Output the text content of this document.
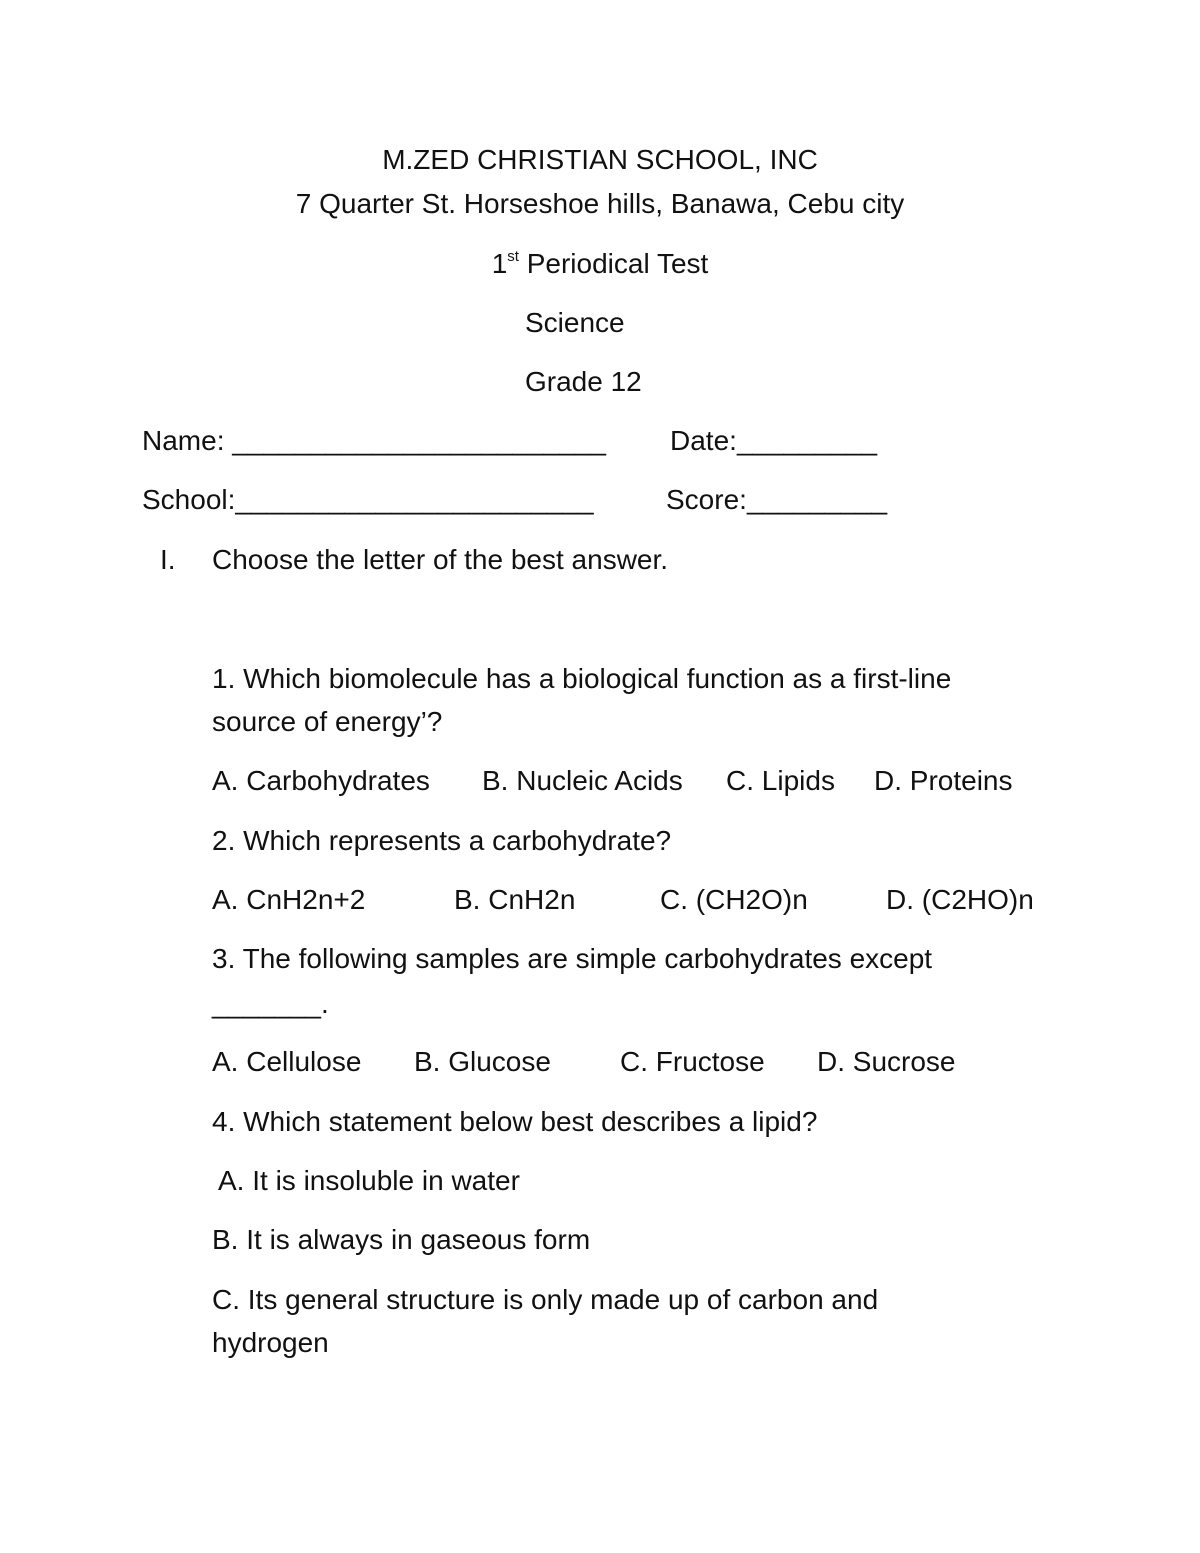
M.ZED CHRISTIAN SCHOOL, INC
7 Quarter St. Horseshoe hills, Banawa, Cebu city
1st Periodical Test
Science
Grade 12
Name: ________________________ Date:_________
School:_______________________	Score:_________
I. Choose the letter of the best answer.
1. Which biomolecule has a biological function as a first-line
source of energy’?
A. Carbohydrates B. Nucleic Acids C. Lipids D. Proteins
2. Which represents a carbohydrate?
A. CnH2n+2	B. CnH2n	C. (CH2O)n	D. (C2HO)n
3. The following samples are simple carbohydrates except
_______.
A. Cellulose B. Glucose C. Fructose D. Sucrose
4. Which statement below best describes a lipid?
A. It is insoluble in water
B. It is always in gaseous form
C. Its general structure is only made up of carbon and
hydrogen
